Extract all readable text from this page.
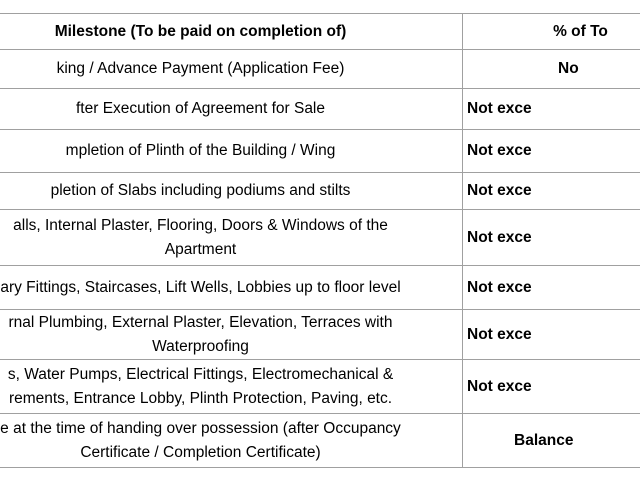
Milestone (To be paid on completion of)	% of To

king / Advance Payment (Application Fee)	No

fter Execution of Agreement for Sale	Not exce

mpletion of Plinth of the Building / Wing	Not exce

pletion of Slabs including podiums and stilts	Not exce

alls, Internal Plaster, Flooring, Doors & Windows of the
Apartment	Not exce

ary Fittings, Staircases, Lift Wells, Lobbies up to floor level	Not exce

rnal Plumbing, External Plaster, Elevation, Terraces with
Waterproofing	Not exce

s, Water Pumps, Electrical Fittings, Electromechanical &
rements, Entrance Lobby, Plinth Protection, Paving, etc.	Not exce

e at the time of handing over possession (after Occupancy
Certificate / Completion Certificate)	Balance
